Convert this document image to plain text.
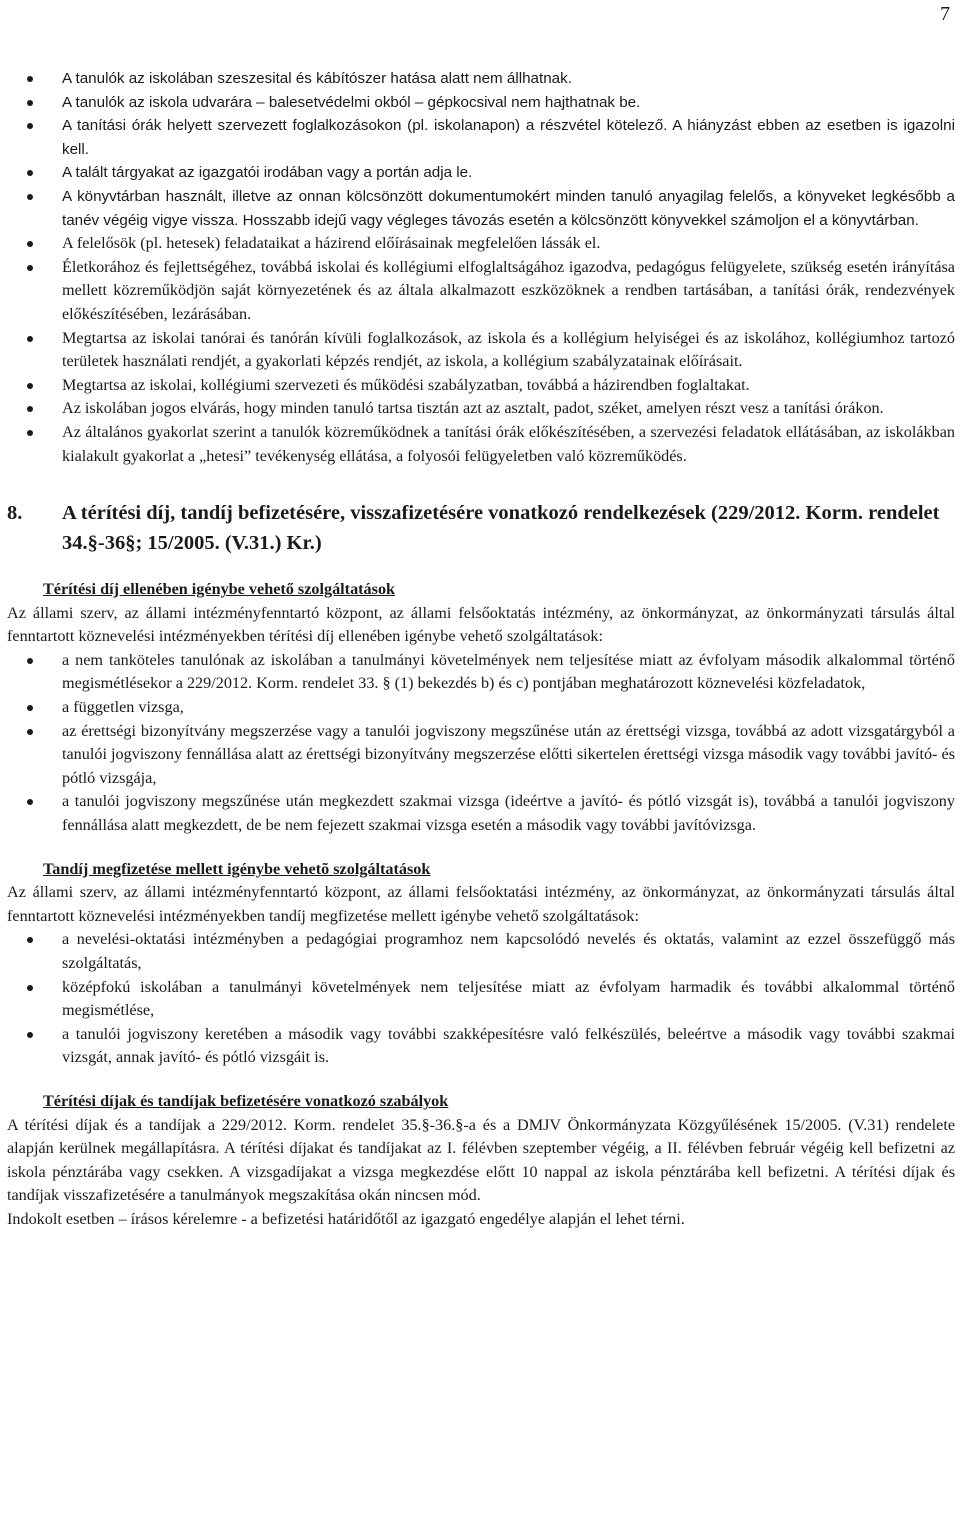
7
A tanulók az iskolában szeszesital és kábítószer hatása alatt nem állhatnak.
A tanulók az iskola udvarára – balesetvédelmi okból – gépkocsival nem hajthatnak be.
A tanítási órák helyett szervezett foglalkozásokon (pl. iskolanapon) a részvétel kötelező. A hiányzást ebben az esetben is igazolni kell.
A talált tárgyakat az igazgatói irodában vagy a portán adja le.
A könyvtárban használt, illetve az onnan kölcsönzött dokumentumokért minden tanuló anyagilag felelős, a könyveket legkésőbb a tanév végéig vigye vissza. Hosszabb idejű vagy végleges távozás esetén a kölcsönzött könyvekkel számoljon el a könyvtárban.
A felelősök (pl. hetesek) feladataikat a házirend előírásainak megfelelően lássák el.
Életkorához és fejlettségéhez, továbbá iskolai és kollégiumi elfoglaltságához igazodva, pedagógus felügyelete, szükség esetén irányítása mellett közreműködjön saját környezetének és az általa alkalmazott eszközöknek a rendben tartásában, a tanítási órák, rendezvények előkészítésében, lezárásában.
Megtartsa az iskolai tanórai és tanórán kívüli foglalkozások, az iskola és a kollégium helyiségei és az iskolához, kollégiumhoz tartozó területek használati rendjét, a gyakorlati képzés rendjét, az iskola, a kollégium szabályzatainak előírásait.
Megtartsa az iskolai, kollégiumi szervezeti és működési szabályzatban, továbbá a házirendben foglaltakat.
Az iskolában jogos elvárás, hogy minden tanuló tartsa tisztán azt az asztalt, padot, széket, amelyen részt vesz a tanítási órákon.
Az általános gyakorlat szerint a tanulók közreműködnek a tanítási órák előkészítésében, a szervezési feladatok ellátásában, az iskolákban kialakult gyakorlat a „hetesi” tevékenység ellátása, a folyosói felügyeletben való közreműködés.
8. A térítési díj, tandíj befizetésére, visszafizetésére vonatkozó rendelkezések (229/2012. Korm. rendelet 34.§-36§; 15/2005. (V.31.) Kr.)
Térítési díj ellenében igénybe vehető szolgáltatások

Az állami szerv, az állami intézményfenntartó központ, az állami felsőoktatás intézmény, az önkormányzat, az önkormányzati társulás által fenntartott köznevelési intézményekben térítési díj ellenében igénybe vehető szolgáltatások:

a nem tanköteles tanulónak az iskolában a tanulmányi követelmények nem teljesítése miatt az évfolyam második alkalommal történő megismétlésekor a 229/2012. Korm. rendelet 33. § (1) bekezdés b) és c) pontjában meghatározott köznevelési közfeladatok,
a független vizsga,
az érettségi bizonyítvány megszerzése vagy a tanulói jogviszony megszűnése után az érettségi vizsga, továbbá az adott vizsgatárgyból a tanulói jogviszony fennállása alatt az érettségi bizonyítvány megszerzése előtti sikertelen érettségi vizsga második vagy további javító- és pótló vizsgája,
a tanulói jogviszony megszűnése után megkezdett szakmai vizsga (ideértve a javító- és pótló vizsgát is), továbbá a tanulói jogviszony fennállása alatt megkezdett, de be nem fejezett szakmai vizsga esetén a második vagy további javítóvizsga.
Tandíj megfizetése mellett igénybe vehetõ szolgáltatások

Az állami szerv, az állami intézményfenntartó központ, az állami felsőoktatási intézmény, az önkormányzat, az önkormányzati társulás által fenntartott köznevelési intézményekben tandíj megfizetése mellett igénybe vehető szolgáltatások:

a nevelési-oktatási intézményben a pedagógiai programhoz nem kapcsolódó nevelés és oktatás, valamint az ezzel összefüggő más szolgáltatás,
középfokú iskolában a tanulmányi követelmények nem teljesítése miatt az évfolyam harmadik és további alkalommal történő megismétlése,
a tanulói jogviszony keretében a második vagy további szakképesítésre való felkészülés, beleértve a második vagy további szakmai vizsgát, annak javító- és pótló vizsgáit is.
Térítési díjak és tandíjak befizetésére vonatkozó szabályok

A térítési díjak és a tandíjak a 229/2012. Korm. rendelet 35.§-36.§-a és a DMJV Önkormányzata Közgyűlésének 15/2005. (V.31) rendelete alapján kerülnek megállapításra. A térítési díjakat és tandíjakat az I. félévben szeptember végéig, a II. félévben február végéig kell befizetni az iskola pénztárába vagy csekken. A vizsgadíjakat a vizsga megkezdése előtt 10 nappal az iskola pénztárába kell befizetni. A térítési díjak és tandíjak visszafizetésére a tanulmányok megszakítása okán nincsen mód.

Indokolt esetben – írásos kérelemre - a befizetési határidőtől az igazgató engedélye alapján el lehet térni.
